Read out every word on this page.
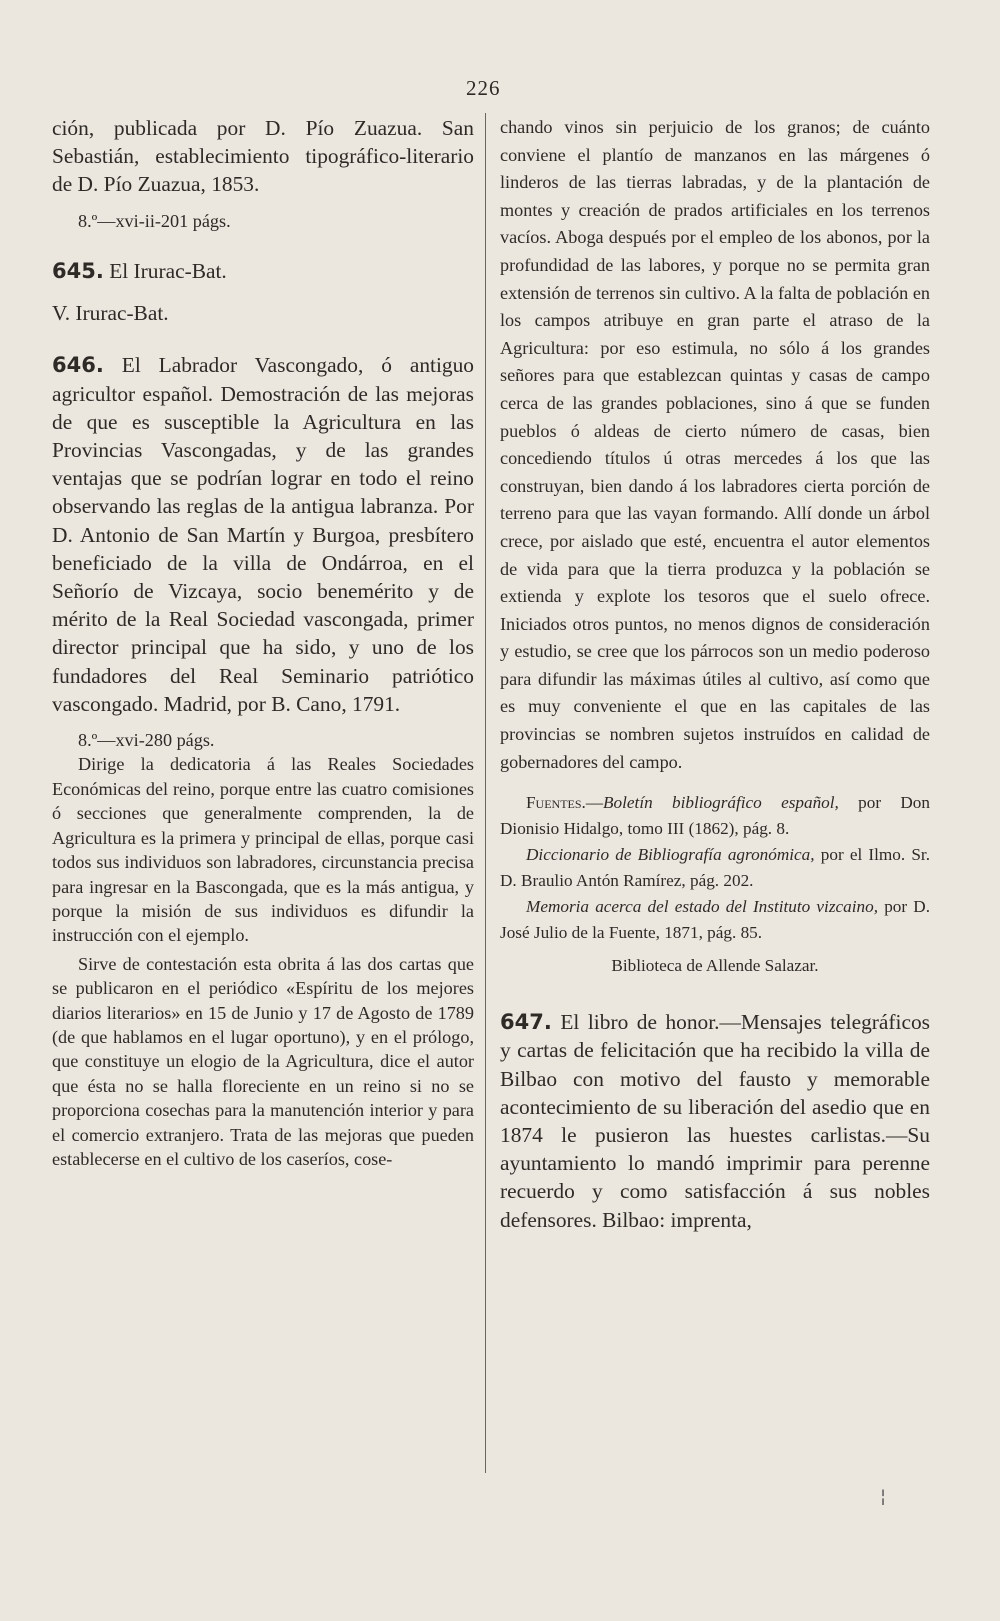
226

ción, publicada por D. Pío Zuazua. San Sebastián, establecimiento tipográfico-literario de D. Pío Zuazua, 1853.

8.º—xvi-ii-201 págs.

645. El Irurac-Bat.

V. Irurac-Bat.

646. El Labrador Vascongado, ó antiguo agricultor español. Demostración de las mejoras de que es susceptible la Agricultura en las Provincias Vascongadas, y de las grandes ventajas que se podrían lograr en todo el reino observando las reglas de la antigua labranza. Por D. Antonio de San Martín y Burgoa, presbítero beneficiado de la villa de Ondárroa, en el Señorío de Vizcaya, socio benemérito y de mérito de la Real Sociedad vascongada, primer director principal que ha sido, y uno de los fundadores del Real Seminario patriótico vascongado. Madrid, por B. Cano, 1791.

8.º—xvi-280 págs.

Dirige la dedicatoria á las Reales Sociedades Económicas del reino, porque entre las cuatro comisiones ó secciones que generalmente comprenden, la de Agricultura es la primera y principal de ellas, porque casi todos sus individuos son labradores, circunstancia precisa para ingresar en la Bascongada, que es la más antigua, y porque la misión de sus individuos es difundir la instrucción con el ejemplo.

Sirve de contestación esta obrita á las dos cartas que se publicaron en el periódico «Espíritu de los mejores diarios literarios» en 15 de Junio y 17 de Agosto de 1789 (de que hablamos en el lugar oportuno), y en el prólogo, que constituye un elogio de la Agricultura, dice el autor que ésta no se halla floreciente en un reino si no se proporciona cosechas para la manutención interior y para el comercio extranjero. Trata de las mejoras que pueden establecerse en el cultivo de los caseríos, cose-

chando vinos sin perjuicio de los granos; de cuánto conviene el plantío de manzanos en las márgenes ó linderos de las tierras labradas, y de la plantación de montes y creación de prados artificiales en los terrenos vacíos. Aboga después por el empleo de los abonos, por la profundidad de las labores, y porque no se permita gran extensión de terrenos sin cultivo. A la falta de población en los campos atribuye en gran parte el atraso de la Agricultura: por eso estimula, no sólo á los grandes señores para que establezcan quintas y casas de campo cerca de las grandes poblaciones, sino á que se funden pueblos ó aldeas de cierto número de casas, bien concediendo títulos ú otras mercedes á los que las construyan, bien dando á los labradores cierta porción de terreno para que las vayan formando. Allí donde un árbol crece, por aislado que esté, encuentra el autor elementos de vida para que la tierra produzca y la población se extienda y explote los tesoros que el suelo ofrece. Iniciados otros puntos, no menos dignos de consideración y estudio, se cree que los párrocos son un medio poderoso para difundir las máximas útiles al cultivo, así como que es muy conveniente el que en las capitales de las provincias se nombren sujetos instruídos en calidad de gobernadores del campo.

Fuentes.—Boletín bibliográfico español, por Don Dionisio Hidalgo, tomo III (1862), pág. 8.

Diccionario de Bibliografía agronómica, por el Ilmo. Sr. D. Braulio Antón Ramírez, pág. 202.

Memoria acerca del estado del Instituto vizcaino, por D. José Julio de la Fuente, 1871, pág. 85.

Biblioteca de Allende Salazar.

647. El libro de honor.—Mensajes telegráficos y cartas de felicitación que ha recibido la villa de Bilbao con motivo del fausto y memorable acontecimiento de su liberación del asedio que en 1874 le pusieron las huestes carlistas.—Su ayuntamiento lo mandó imprimir para perenne recuerdo y como satisfacción á sus nobles defensores. Bilbao: imprenta,

¦
